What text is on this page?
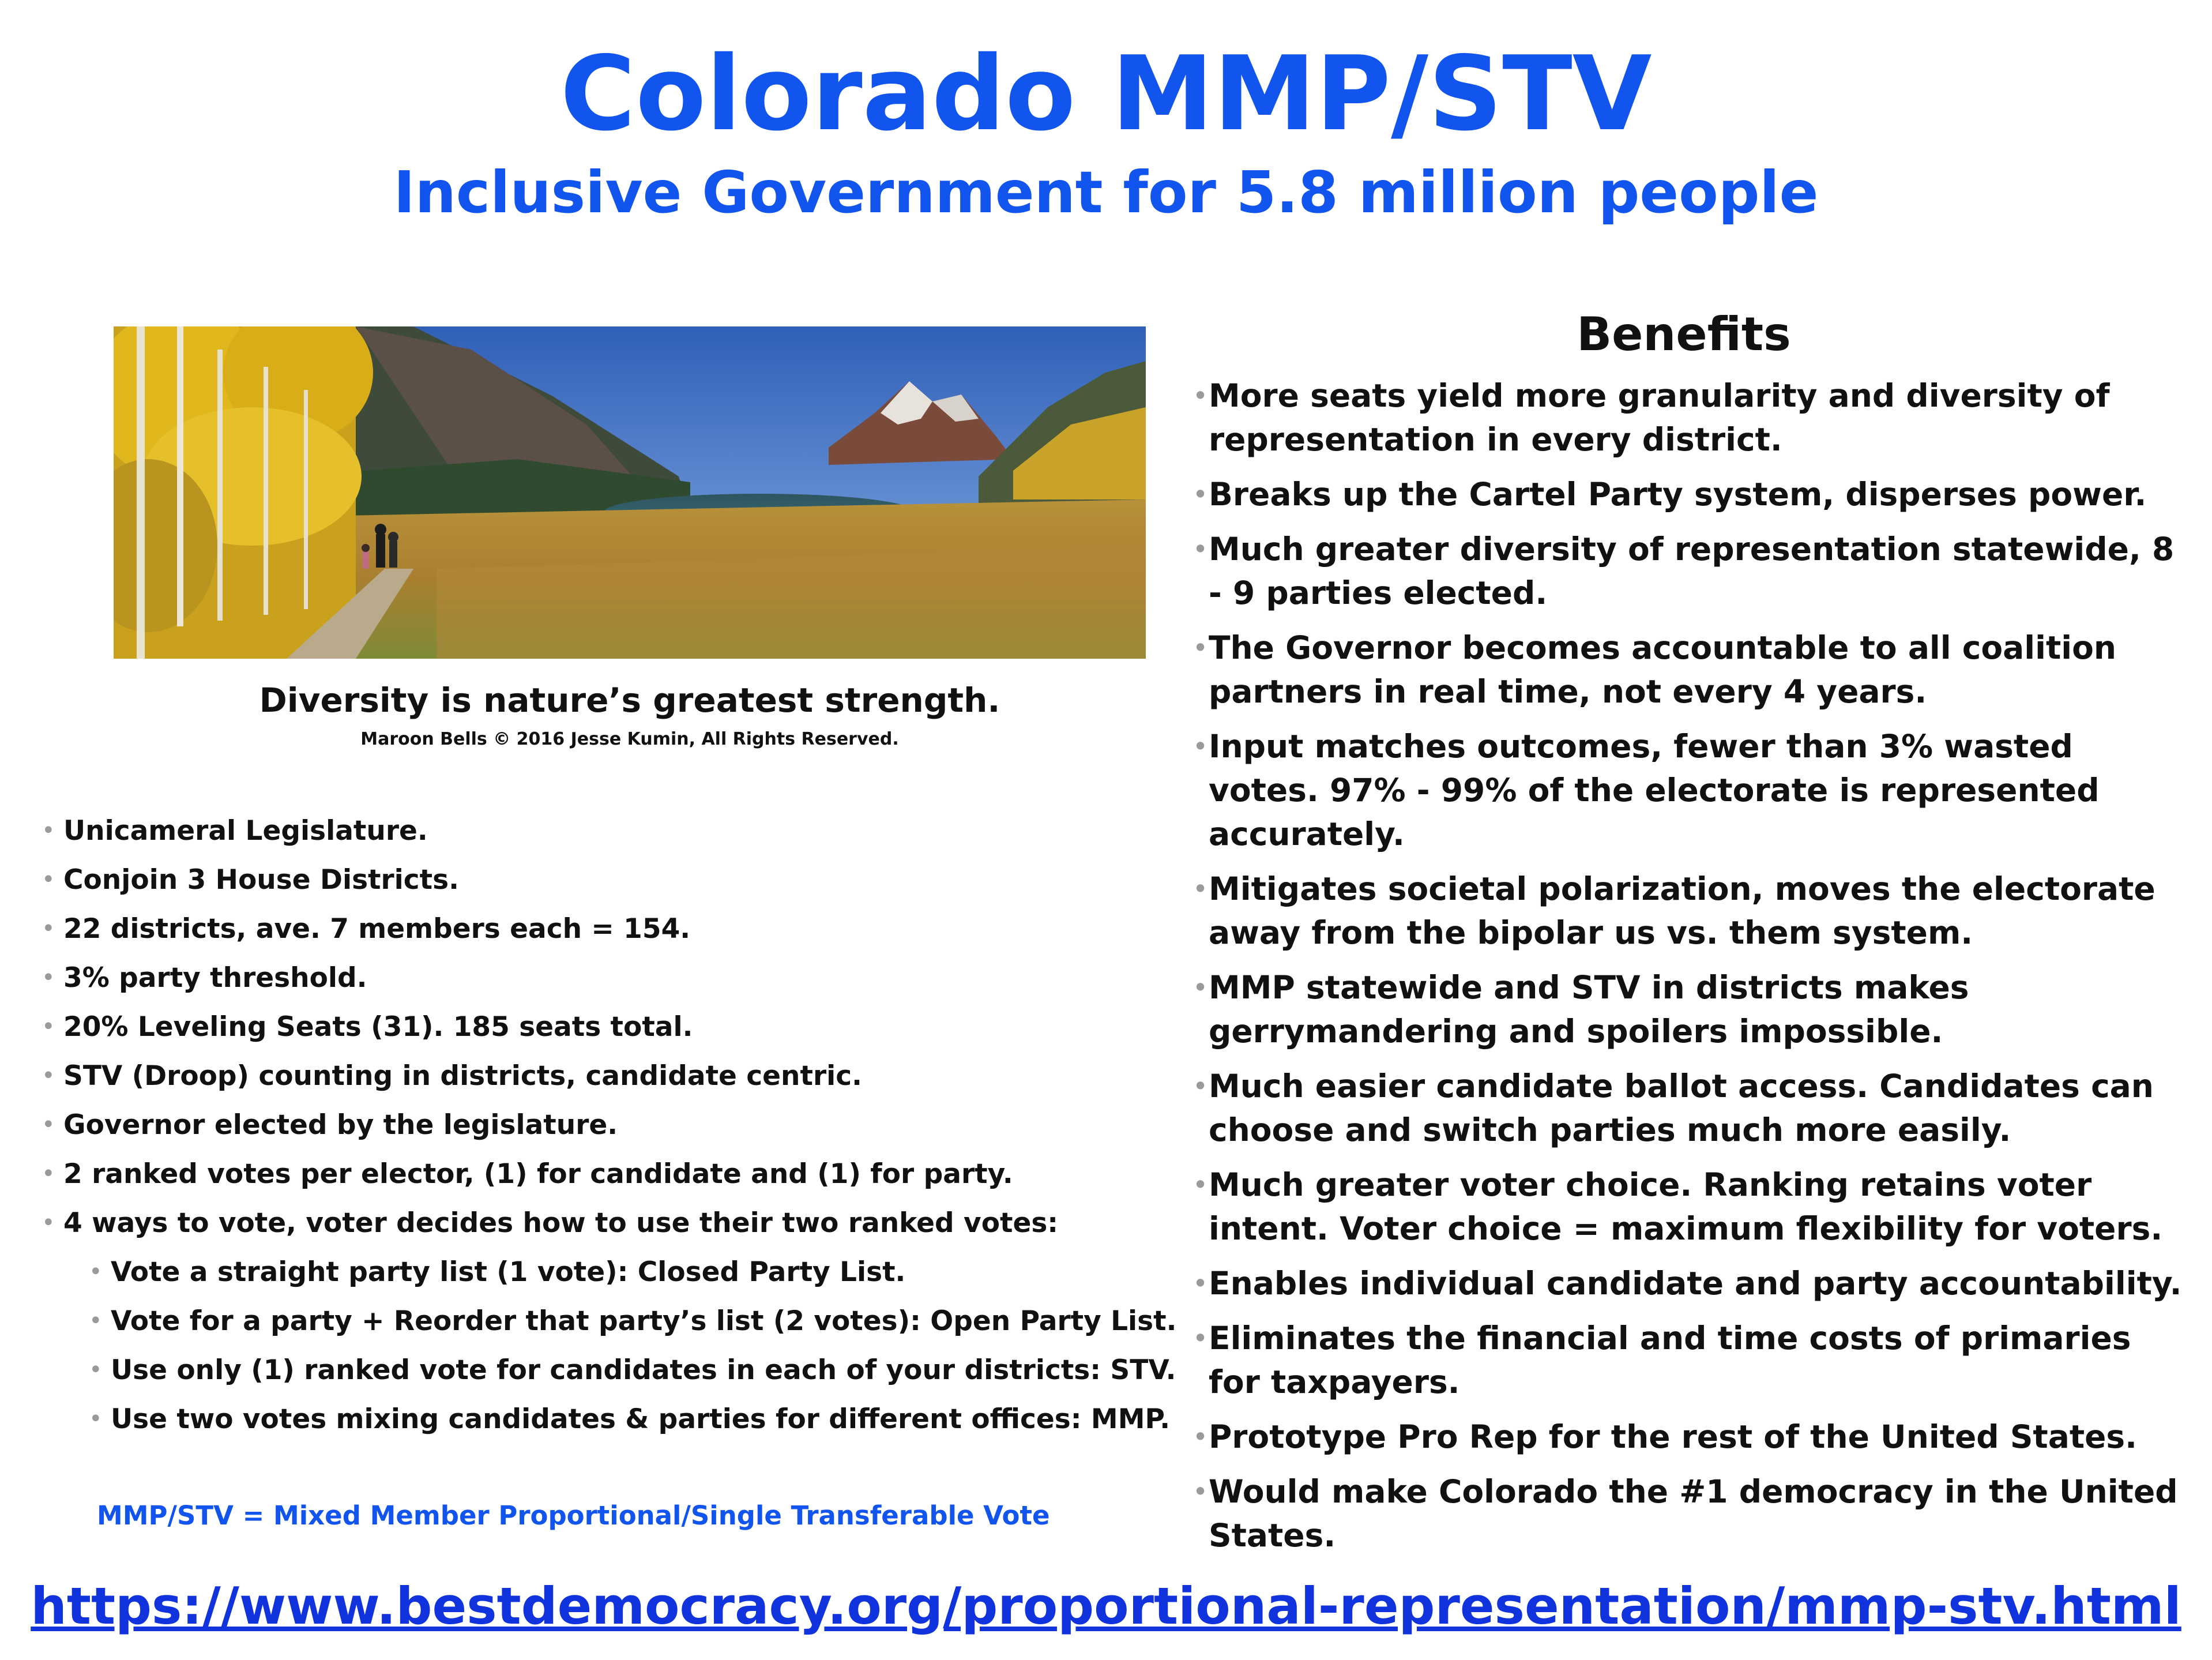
Colorado MMP/STV
Inclusive Government for 5.8 million people
Diversity is nature’s greatest strength.
Maroon Bells © 2016 Jesse Kumin, All Rights Reserved.
• Unicameral Legislature.
• Conjoin 3 House Districts.
• 22 districts, ave. 7 members each = 154.
• 3% party threshold.
• 20% Leveling Seats (31). 185 seats total.
• STV (Droop) counting in districts, candidate centric.
• Governor elected by the legislature.
• 2 ranked votes per elector, (1) for candidate and (1) for party.
• 4 ways to vote, voter decides how to use their two ranked votes:
• Vote a straight party list (1 vote): Closed Party List.
• Vote for a party + Reorder that party’s list (2 votes): Open Party List.
• Use only (1) ranked vote for candidates in each of your districts: STV.
• Use two votes mixing candidates & parties for different offices: MMP.
MMP/STV = Mixed Member Proportional/Single Transferable Vote
Benefits
• More seats yield more granularity and diversity of representation in every district.
• Breaks up the Cartel Party system, disperses power.
• Much greater diversity of representation statewide, 8 - 9 parties elected.
• The Governor becomes accountable to all coalition partners in real time, not every 4 years.
• Input matches outcomes, fewer than 3% wasted votes. 97% - 99% of the electorate is represented accurately.
• Mitigates societal polarization, moves the electorate away from the bipolar us vs. them system.
• MMP statewide and STV in districts makes gerrymandering and spoilers impossible.
• Much easier candidate ballot access. Candidates can choose and switch parties much more easily.
• Much greater voter choice. Ranking retains voter intent. Voter choice = maximum flexibility for voters.
• Enables individual candidate and party accountability.
• Eliminates the financial and time costs of primaries for taxpayers.
• Prototype Pro Rep for the rest of the United States.
• Would make Colorado the #1 democracy in the United States.
https://www.bestdemocracy.org/proportional-representation/mmp-stv.html
